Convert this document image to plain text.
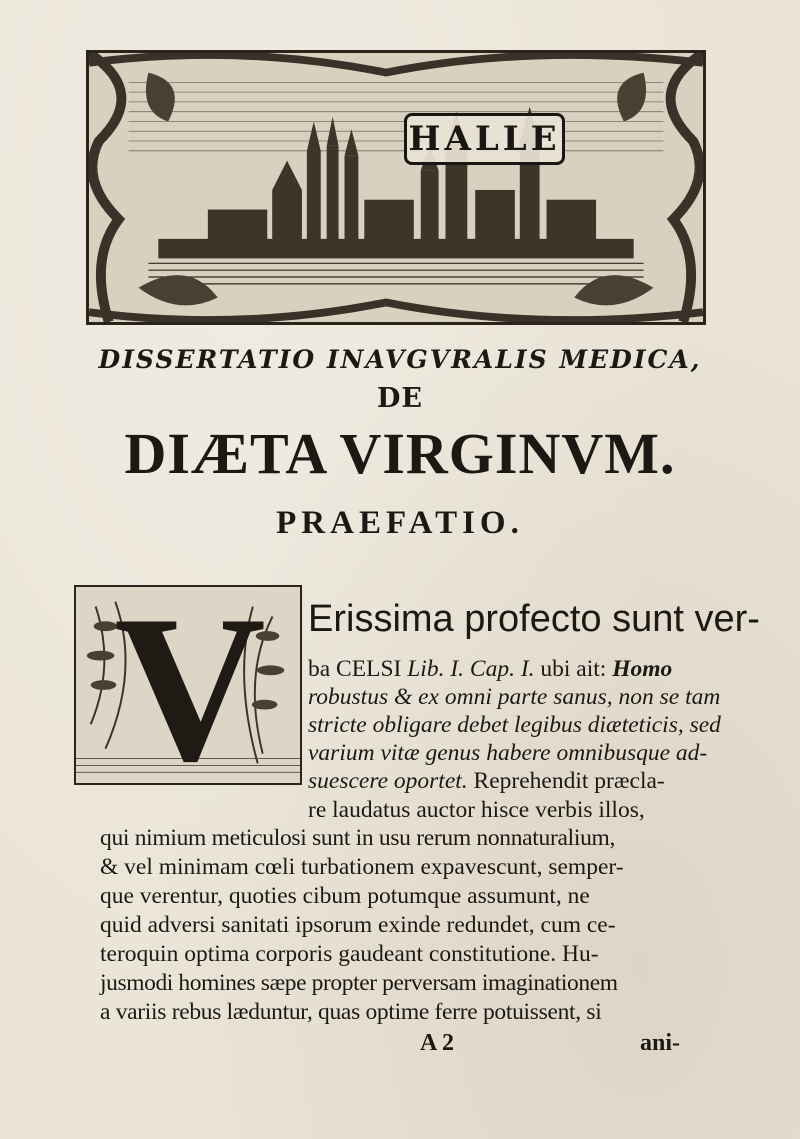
HALLE
DISSERTATIO INAVGVRALIS MEDICA,
DE
DIÆTA VIRGINVM.
PRAEFATIO.
V	Erissima profecto sunt ver-
ba CELSI Lib. I. Cap. I. ubi ait: Homo
robustus & ex omni parte sanus, non se tam
stricte obligare debet legibus diæteticis, sed
varium vitæ genus habere omnibusque ad-
suescere oportet. Reprehendit præcla-
re laudatus auctor hisce verbis illos,
qui nimium meticulosi sunt in usu rerum nonnaturalium,
& vel minimam cœli turbationem expavescunt, semper-
que verentur, quoties cibum potumque assumunt, ne
quid adversi sanitati ipsorum exinde redundet, cum ce-
teroquin optima corporis gaudeant constitutione. Hu-
jusmodi homines sæpe propter perversam imaginationem
a variis rebus læduntur, quas optime ferre potuissent, si
A 2	ani-
